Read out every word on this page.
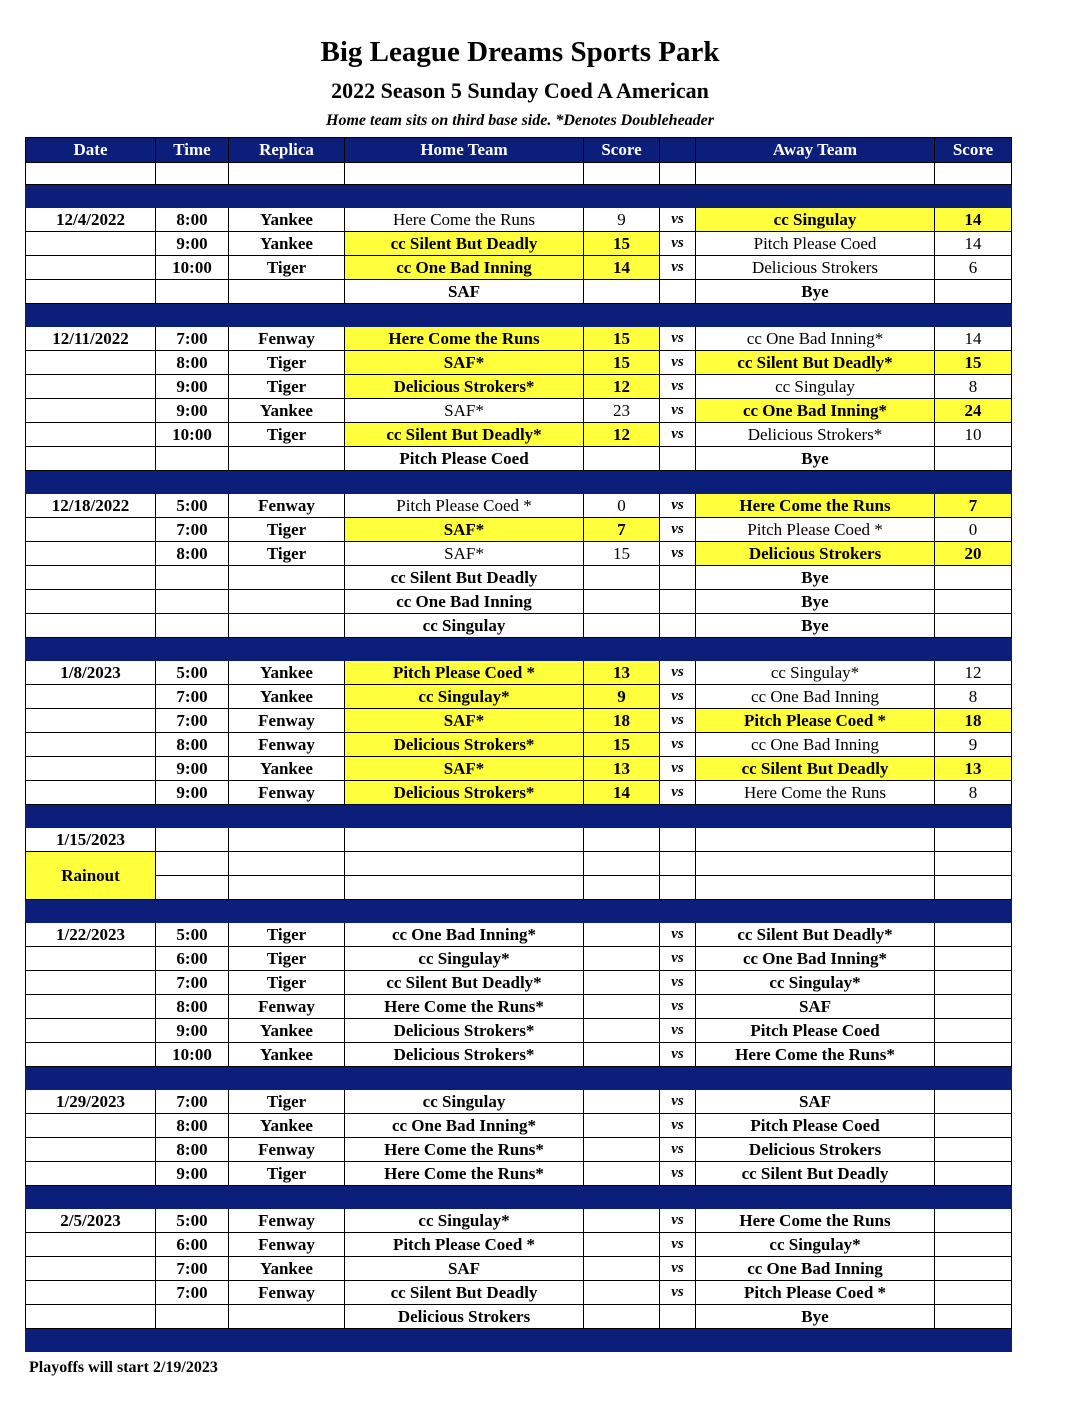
Big League Dreams Sports Park
2022 Season 5 Sunday Coed A American
Home team sits on third base side. *Denotes Doubleheader
Date	Time	Replica	Home Team	Score		Away Team	Score

12/4/2022	8:00	Yankee	Here Come the Runs	9	vs	cc Singulay	14
	9:00	Yankee	cc Silent But Deadly	15	vs	Pitch Please Coed	14
	10:00	Tiger	cc One Bad Inning	14	vs	Delicious Strokers	6
			SAF			Bye	

12/11/2022	7:00	Fenway	Here Come the Runs	15	vs	cc One Bad Inning*	14
	8:00	Tiger	SAF*	15	vs	cc Silent But Deadly*	15
	9:00	Tiger	Delicious Strokers*	12	vs	cc Singulay	8
	9:00	Yankee	SAF*	23	vs	cc One Bad Inning*	24
	10:00	Tiger	cc Silent But Deadly*	12	vs	Delicious Strokers*	10
			Pitch Please Coed			Bye	

12/18/2022	5:00	Fenway	Pitch Please Coed *	0	vs	Here Come the Runs	7
	7:00	Tiger	SAF*	7	vs	Pitch Please Coed *	0
	8:00	Tiger	SAF*	15	vs	Delicious Strokers	20
			cc Silent But Deadly			Bye	
			cc One Bad Inning			Bye	
			cc Singulay			Bye	

1/8/2023	5:00	Yankee	Pitch Please Coed *	13	vs	cc Singulay*	12
	7:00	Yankee	cc Singulay*	9	vs	cc One Bad Inning	8
	7:00	Fenway	SAF*	18	vs	Pitch Please Coed *	18
	8:00	Fenway	Delicious Strokers*	15	vs	cc One Bad Inning	9
	9:00	Yankee	SAF*	13	vs	cc Silent But Deadly	13
	9:00	Fenway	Delicious Strokers*	14	vs	Here Come the Runs	8

1/15/2023							
Rainout							

1/22/2023	5:00	Tiger	cc One Bad Inning*		vs	cc Silent But Deadly*	
	6:00	Tiger	cc Singulay*		vs	cc One Bad Inning*	
	7:00	Tiger	cc Silent But Deadly*		vs	cc Singulay*	
	8:00	Fenway	Here Come the Runs*		vs	SAF	
	9:00	Yankee	Delicious Strokers*		vs	Pitch Please Coed	
	10:00	Yankee	Delicious Strokers*		vs	Here Come the Runs*	

1/29/2023	7:00	Tiger	cc Singulay		vs	SAF	
	8:00	Yankee	cc One Bad Inning*		vs	Pitch Please Coed	
	8:00	Fenway	Here Come the Runs*		vs	Delicious Strokers	
	9:00	Tiger	Here Come the Runs*		vs	cc Silent But Deadly	

2/5/2023	5:00	Fenway	cc Singulay*		vs	Here Come the Runs	
	6:00	Fenway	Pitch Please Coed *		vs	cc Singulay*	
	7:00	Yankee	SAF		vs	cc One Bad Inning	
	7:00	Fenway	cc Silent But Deadly		vs	Pitch Please Coed *	
			Delicious Strokers			Bye	

Playoffs will start 2/19/2023
